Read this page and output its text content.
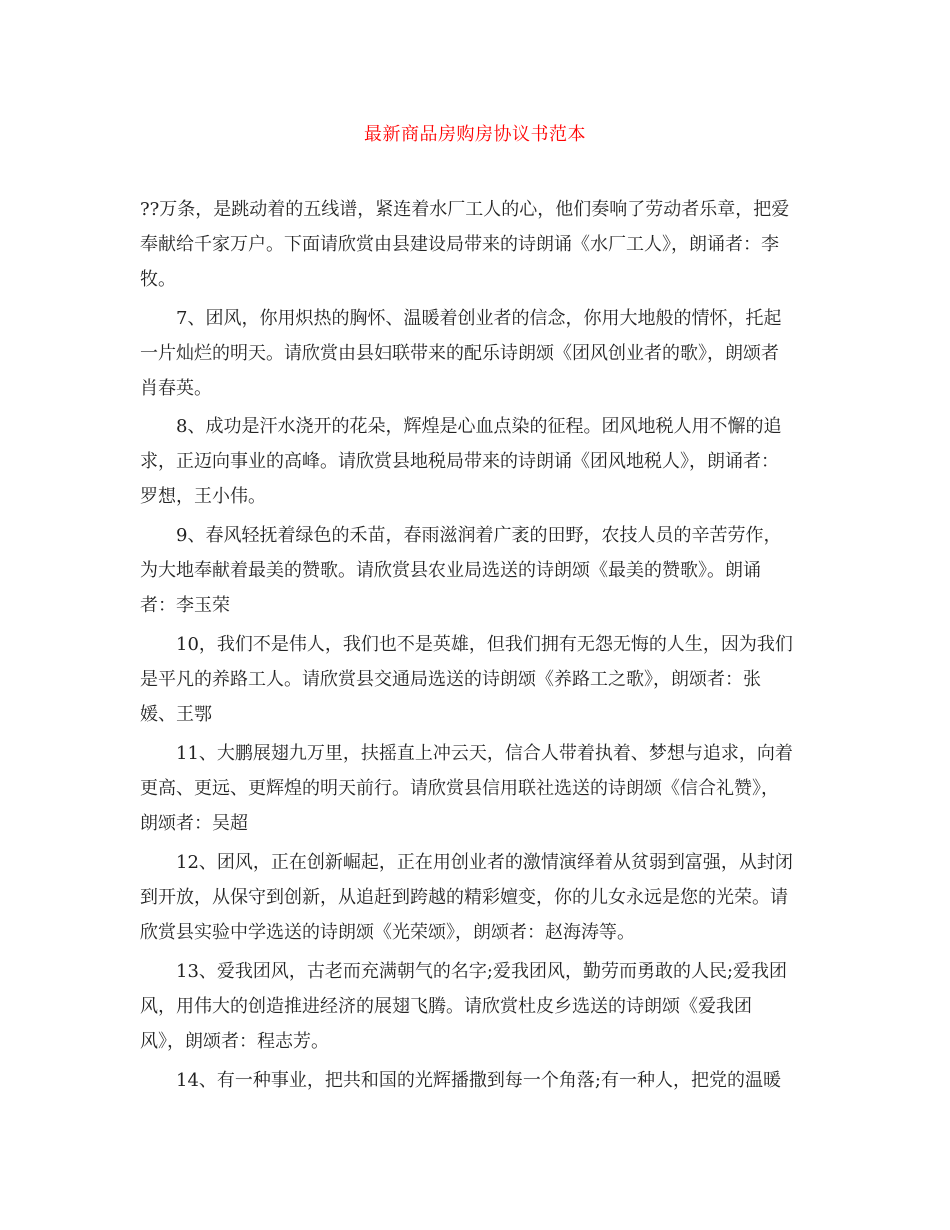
最新商品房购房协议书范本

??万条，是跳动着的五线谱，紧连着水厂工人的心，他们奏响了劳动者乐章，把爱
奉献给千家万户。下面请欣赏由县建设局带来的诗朗诵《水厂工人》，朗诵者：李
牧。

7、团风，你用炽热的胸怀、温暖着创业者的信念，你用大地般的情怀，托起
一片灿烂的明天。请欣赏由县妇联带来的配乐诗朗颂《团风创业者的歌》，朗颂者
肖春英。

8、成功是汗水浇开的花朵，辉煌是心血点染的征程。团风地税人用不懈的追
求，正迈向事业的高峰。请欣赏县地税局带来的诗朗诵《团风地税人》，朗诵者：
罗想，王小伟。

9、春风轻抚着绿色的禾苗，春雨滋润着广袤的田野，农技人员的辛苦劳作，
为大地奉献着最美的赞歌。请欣赏县农业局选送的诗朗颂《最美的赞歌》。朗诵
者：李玉荣

10，我们不是伟人，我们也不是英雄，但我们拥有无怨无悔的人生，因为我们
是平凡的养路工人。请欣赏县交通局选送的诗朗颂《养路工之歌》，朗颂者：张
媛、王鄂

11、大鹏展翅九万里，扶摇直上冲云天，信合人带着执着、梦想与追求，向着
更高、更远、更辉煌的明天前行。请欣赏县信用联社选送的诗朗颂《信合礼赞》，
朗颂者：吴超

12、团风，正在创新崛起，正在用创业者的激情演绎着从贫弱到富强，从封闭
到开放，从保守到创新，从追赶到跨越的精彩嬗变，你的儿女永远是您的光荣。请
欣赏县实验中学选送的诗朗颂《光荣颂》，朗颂者：赵海涛等。

13、爱我团风，古老而充满朝气的名字;爱我团风，勤劳而勇敢的人民;爱我团
风，用伟大的创造推进经济的展翅飞腾。请欣赏杜皮乡选送的诗朗颂《爱我团
风》，朗颂者：程志芳。

14、有一种事业，把共和国的光辉播撒到每一个角落;有一种人，把党的温暖
